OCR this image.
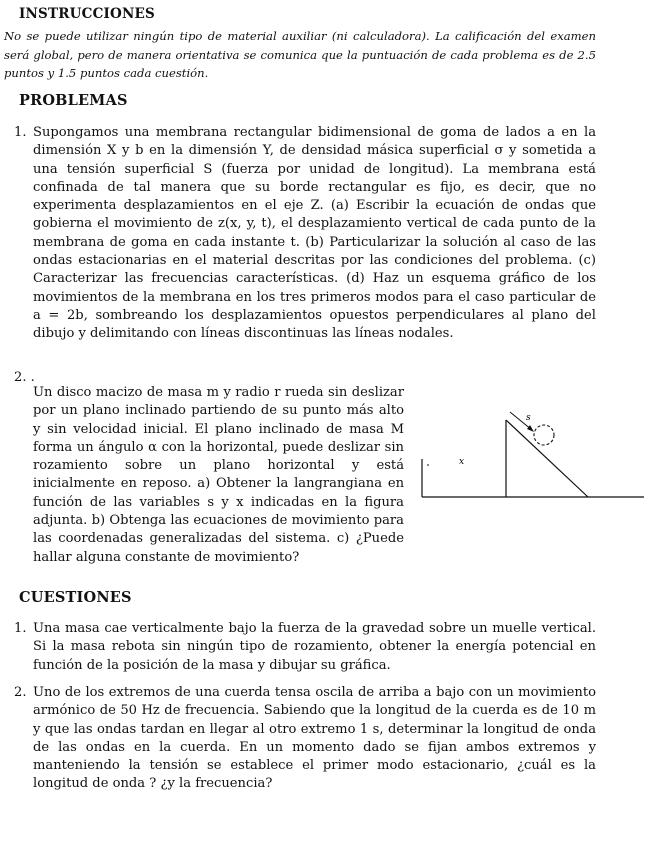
INSTRUCCIONES

No se puede utilizar ningún tipo de material auxiliar (ni calculadora). La calificación del examen será global, pero de manera orientativa se comunica que la puntuación de cada problema es de 2.5 puntos y 1.5 puntos cada cuestión.

PROBLEMAS
1. Supongamos una membrana rectangular bidimensional de goma de lados a en la dimensión X y b en la dimensión Y, de densidad másica superficial σ y sometida a una tensión superficial S (fuerza por unidad de longitud). La membrana está confinada de tal manera que su borde rectangular es fijo, es decir, que no experimenta desplazamientos en el eje Z. (a) Escribir la ecuación de ondas que gobierna el movimiento de z(x, y, t), el desplazamiento vertical de cada punto de la membrana de goma en cada instante t. (b) Particularizar la solución al caso de las ondas estacionarias en el material descritas por las condiciones del problema. (c) Caracterizar las frecuencias características. (d) Haz un esquema gráfico de los movimientos de la membrana en los tres primeros modos para el caso particular de a = 2b, sombreando los desplazamientos opuestos perpendiculares al plano del dibujo y delimitando con líneas discontinuas las líneas nodales.

2. .

Un disco macizo de masa m y radio r rueda sin deslizar por un plano inclinado partiendo de su punto más alto y sin velocidad inicial. El plano inclinado de masa M forma un ángulo α con la horizontal, puede deslizar sin rozamiento sobre un plano horizontal y está inicialmente en reposo. a) Obtener la langrangiana en función de las variables s y x indicadas en la figura adjunta. b) Obtenga las ecuaciones de movimiento para las coordenadas generalizadas del sistema. c) ¿Puede hallar alguna constante de movimiento?

s
x
CUESTIONES
1. Una masa cae verticalmente bajo la fuerza de la gravedad sobre un muelle vertical. Si la masa rebota sin ningún tipo de rozamiento, obtener la energía potencial en función de la posición de la masa y dibujar su gráfica.

2. Uno de los extremos de una cuerda tensa oscila de arriba a bajo con un movimiento armónico de 50 Hz de frecuencia. Sabiendo que la longitud de la cuerda es de 10 m y que las ondas tardan en llegar al otro extremo 1 s, determinar la longitud de onda de las ondas en la cuerda. En un momento dado se fijan ambos extremos y manteniendo la tensión se establece el primer modo estacionario, ¿cuál es la longitud de onda ? ¿y la frecuencia?
